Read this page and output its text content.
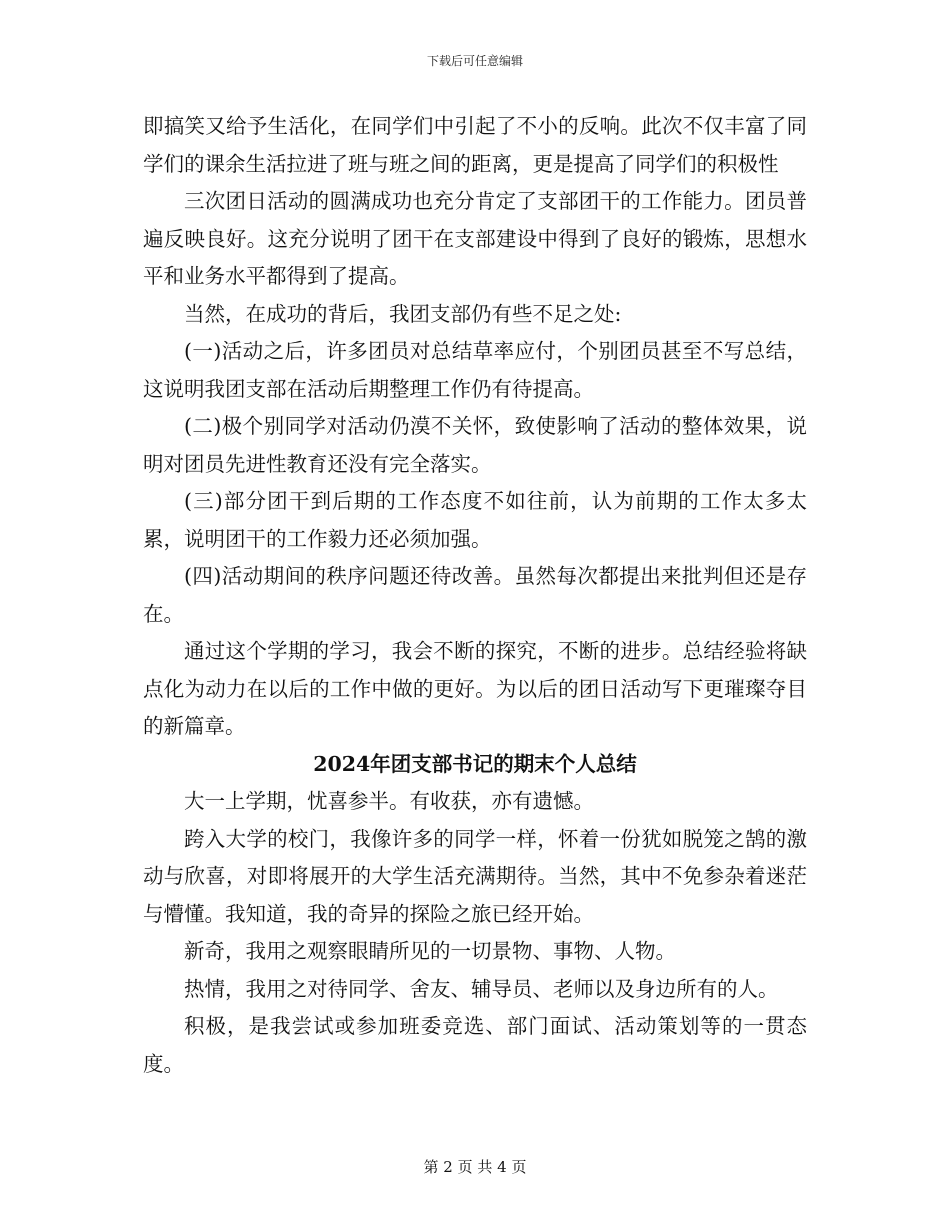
下载后可任意编辑

即搞笑又给予生活化，在同学们中引起了不小的反响。此次不仅丰富了同学们的课余生活拉进了班与班之间的距离，更是提高了同学们的积极性

三次团日活动的圆满成功也充分肯定了支部团干的工作能力。团员普遍反映良好。这充分说明了团干在支部建设中得到了良好的锻炼，思想水平和业务水平都得到了提高。

当然，在成功的背后，我团支部仍有些不足之处:

(一)活动之后，许多团员对总结草率应付，个别团员甚至不写总结，这说明我团支部在活动后期整理工作仍有待提高。

(二)极个别同学对活动仍漠不关怀，致使影响了活动的整体效果，说明对团员先进性教育还没有完全落实。

(三)部分团干到后期的工作态度不如往前，认为前期的工作太多太累，说明团干的工作毅力还必须加强。

(四)活动期间的秩序问题还待改善。虽然每次都提出来批判但还是存在。

通过这个学期的学习，我会不断的探究，不断的进步。总结经验将缺点化为动力在以后的工作中做的更好。为以后的团日活动写下更璀璨夺目的新篇章。

2024年团支部书记的期末个人总结

大一上学期，忧喜参半。有收获，亦有遗憾。

跨入大学的校门，我像许多的同学一样，怀着一份犹如脱笼之鹄的激动与欣喜，对即将展开的大学生活充满期待。当然，其中不免参杂着迷茫与懵懂。我知道，我的奇异的探险之旅已经开始。

新奇，我用之观察眼睛所见的一切景物、事物、人物。

热情，我用之对待同学、舍友、辅导员、老师以及身边所有的人。

积极，是我尝试或参加班委竞选、部门面试、活动策划等的一贯态度。

第 2 页 共 4 页
